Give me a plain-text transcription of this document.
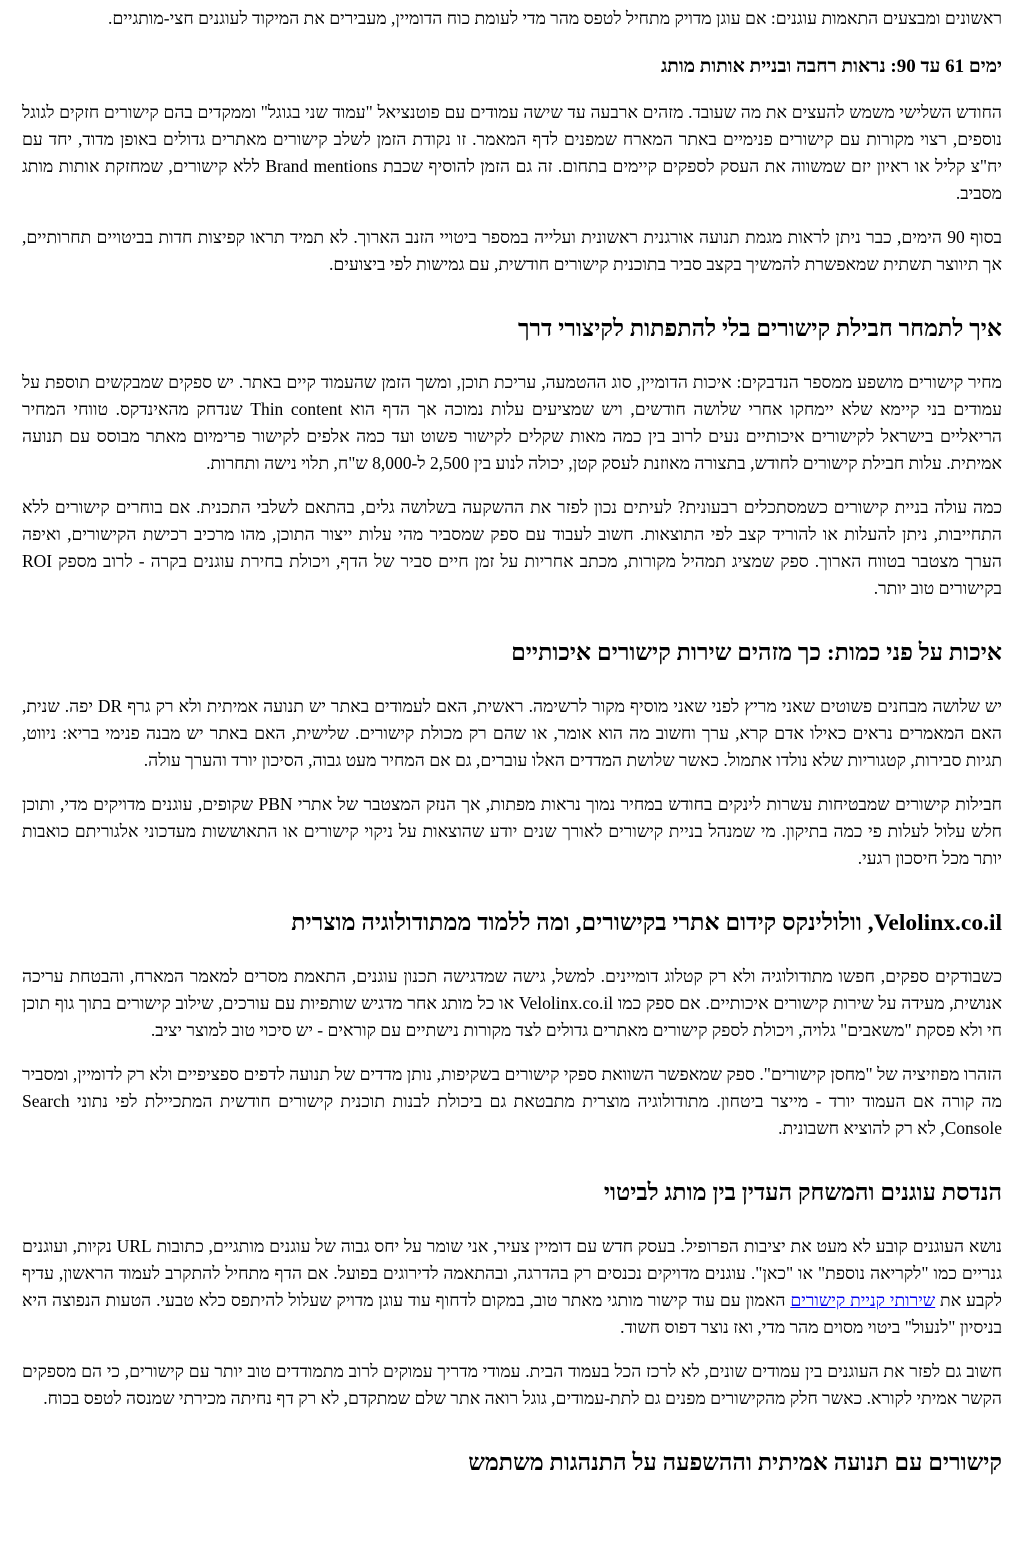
ראשונים ומבצעים התאמות עוגנים: אם עוגן מדויק מתחיל לטפס מהר מדי לעומת כוח הדומיין, מעבירים את המיקוד לעוגנים חצי-מותגיים.

ימים 61 עד 90: נראות רחבה ובניית אותות מותג

החודש השלישי משמש להעצים את מה שעובד. מזהים ארבעה עד שישה עמודים עם פוטנציאל "עמוד שני בגוגל" וממקדים בהם קישורים חזקים לגוגל נוספים, רצוי מקורות עם קישורים פנימיים באתר המארח שמפנים לדף המאמר. זו נקודת הזמן לשלב קישורים מאתרים גדולים באופן מדוד, יחד עם יח"צ קליל או ראיון יזם שמשווה את העסק לספקים קיימים בתחום. זה גם הזמן להוסיף שכבת Brand mentions ללא קישורים, שמחזקת אותות מותג מסביב.

בסוף 90 הימים, כבר ניתן לראות מגמת תנועה אורגנית ראשונית ועלייה במספר ביטויי הזנב הארוך. לא תמיד תראו קפיצות חדות בביטויים תחרותיים, אך תיווצר תשתית שמאפשרת להמשיך בקצב סביר בתוכנית קישורים חודשית, עם גמישות לפי ביצועים.

איך לתמחר חבילת קישורים בלי להתפתות לקיצורי דרך

מחיר קישורים מושפע ממספר הנדבקים: איכות הדומיין, סוג ההטמעה, עריכת תוכן, ומשך הזמן שהעמוד קיים באתר. יש ספקים שמבקשים תוספת על עמודים בני קיימא שלא יימחקו אחרי שלושה חודשים, ויש שמציעים עלות נמוכה אך הדף הוא Thin content שנדחק מהאינדקס. טווחי המחיר הריאליים בישראל לקישורים איכותיים נעים לרוב בין כמה מאות שקלים לקישור פשוט ועד כמה אלפים לקישור פרימיום מאתר מבוסס עם תנועה אמיתית. עלות חבילת קישורים לחודש, בתצורה מאוזנת לעסק קטן, יכולה לנוע בין 2,500 ל-8,000 ש"ח, תלוי נישה ותחרות.

כמה עולה בניית קישורים כשמסתכלים רבעונית? לעיתים נכון לפזר את ההשקעה בשלושה גלים, בהתאם לשלבי התכנית. אם בוחרים קישורים ללא התחייבות, ניתן להעלות או להוריד קצב לפי התוצאות. חשוב לעבוד עם ספק שמסביר מהי עלות ייצור התוכן, מהו מרכיב רכישת הקישורים, ואיפה הערך מצטבר בטווח הארוך. ספק שמציג תמהיל מקורות, מכתב אחריות על זמן חיים סביר של הדף, ויכולת בחירת עוגנים בקרה - לרוב מספק ROI בקישורים טוב יותר.

איכות על פני כמות: כך מזהים שירות קישורים איכותיים

יש שלושה מבחנים פשוטים שאני מריץ לפני שאני מוסיף מקור לרשימה. ראשית, האם לעמודים באתר יש תנועה אמיתית ולא רק גרף DR יפה. שנית, האם המאמרים נראים כאילו אדם קרא, ערך וחשוב מה הוא אומר, או שהם רק מכולת קישורים. שלישית, האם באתר יש מבנה פנימי בריא: ניווט, תגיות סבירות, קטגוריות שלא נולדו אתמול. כאשר שלושת המדדים האלו עוברים, גם אם המחיר מעט גבוה, הסיכון יורד והערך עולה.

חבילות קישורים שמבטיחות עשרות לינקים בחודש במחיר נמוך נראות מפתות, אך הנזק המצטבר של אתרי PBN שקופים, עוגנים מדויקים מדי, ותוכן חלש עלול לעלות פי כמה בתיקון. מי שמנהל בניית קישורים לאורך שנים יודע שהוצאות על ניקוי קישורים או התאוששות מעדכוני אלגוריתם כואבות יותר מכל חיסכון רגעי.

Velolinx.co.il, וולולינקס קידום אתרי בקישורים, ומה ללמוד ממתודולוגיה מוצרית

כשבודקים ספקים, חפשו מתודולוגיה ולא רק קטלוג דומיינים. למשל, גישה שמדגישה תכנון עוגנים, התאמת מסרים למאמר המארח, והבטחת עריכה אנושית, מעידה על שירות קישורים איכותיים. אם ספק כמו Velolinx.co.il או כל מותג אחר מדגיש שותפיות עם עורכים, שילוב קישורים בתוך גוף תוכן חי ולא פסקת "משאבים" גלויה, ויכולת לספק קישורים מאתרים גדולים לצד מקורות נישתיים עם קוראים - יש סיכוי טוב למוצר יציב.

הזהרו מפוזיציה של "מחסן קישורים". ספק שמאפשר השוואת ספקי קישורים בשקיפות, נותן מדדים של תנועה לדפים ספציפיים ולא רק לדומיין, ומסביר מה קורה אם העמוד יורד - מייצר ביטחון. מתודולוגיה מוצרית מתבטאת גם ביכולת לבנות תוכנית קישורים חודשית המתכיילת לפי נתוני Search Console, לא רק להוציא חשבונית.

הנדסת עוגנים והמשחק העדין בין מותג לביטוי

נושא העוגנים קובע לא מעט את יציבות הפרופיל. בעסק חדש עם דומיין צעיר, אני שומר על יחס גבוה של עוגנים מותגיים, כתובות URL נקיות, ועוגנים גנריים כמו "לקריאה נוספת" או "כאן". עוגנים מדויקים נכנסים רק בהדרגה, ובהתאמה לדירוגים בפועל. אם הדף מתחיל להתקרב לעמוד הראשון, עדיף לקבע את שירותי קניית קישורים האמון עם עוד קישור מותגי מאתר טוב, במקום לדחוף עוד עוגן מדויק שעלול להיתפס כלא טבעי. הטעות הנפוצה היא בניסיון "לנעול" ביטוי מסוים מהר מדי, ואז נוצר דפוס חשוד.

חשוב גם לפזר את העוגנים בין עמודים שונים, לא לרכז הכל בעמוד הבית. עמודי מדריך עמוקים לרוב מתמודדים טוב יותר עם קישורים, כי הם מספקים הקשר אמיתי לקורא. כאשר חלק מהקישורים מפנים גם לתת-עמודים, גוגל רואה אתר שלם שמתקדם, לא רק דף נחיתה מכירתי שמנסה לטפס בכוח.

קישורים עם תנועה אמיתית וההשפעה על התנהגות משתמש
